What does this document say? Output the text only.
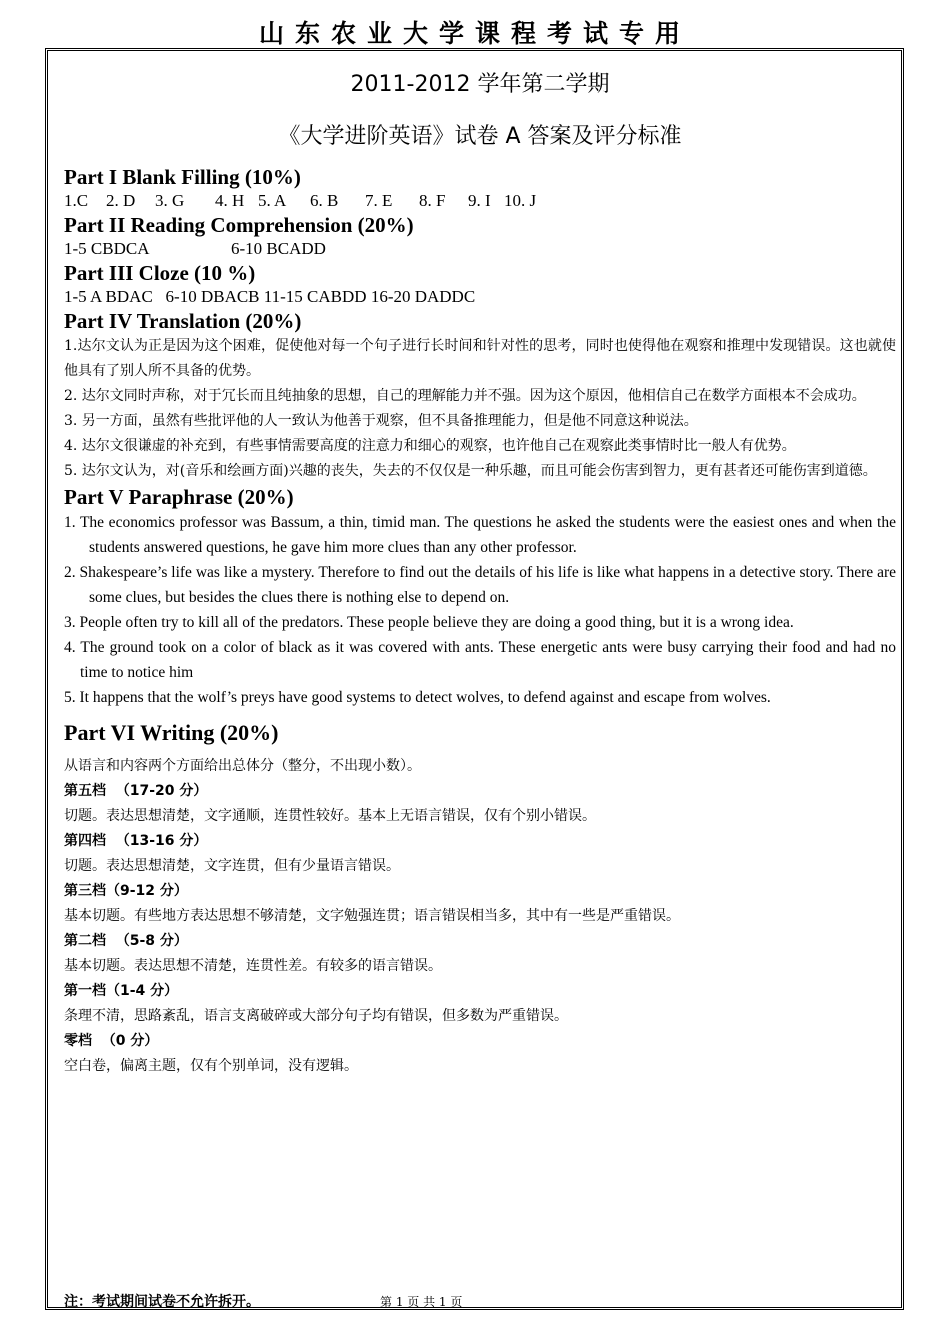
山东农业大学课程考试专用
2011-2012 学年第二学期
《大学进阶英语》试卷 A 答案及评分标准
Part I Blank Filling (10%)
1.C 2. D 3. G 4. H 5. A 6. B 7. E 8. F 9. I 10. J
Part II Reading Comprehension (20%)
1-5 CBDCA	6-10 BCADD
Part III Cloze (10 %)
1-5 A BDAC   6-10 DBACB 11-15 CABDD 16-20 DADDC
Part IV Translation (20%)
1.达尔文认为正是因为这个困难，促使他对每一个句子进行长时间和针对性的思考，同时也使得他在观察和推理中发现错误。这也就使他具有了别人所不具备的优势。
2. 达尔文同时声称，对于冗长而且纯抽象的思想，自己的理解能力并不强。因为这个原因，他相信自己在数学方面根本不会成功。
3. 另一方面，虽然有些批评他的人一致认为他善于观察，但不具备推理能力，但是他不同意这种说法。
4. 达尔文很谦虚的补充到，有些事情需要高度的注意力和细心的观察，也许他自己在观察此类事情时比一般人有优势。
5. 达尔文认为，对(音乐和绘画方面)兴趣的丧失，失去的不仅仅是一种乐趣，而且可能会伤害到智力，更有甚者还可能伤害到道德。
Part V Paraphrase (20%)
1. The economics professor was Bassum, a thin, timid man. The questions he asked the students were the easiest ones and when the students answered questions, he gave him more clues than any other professor.
2. Shakespeare’s life was like a mystery. Therefore to find out the details of his life is like what happens in a detective story. There are some clues, but besides the clues there is nothing else to depend on.
3. People often try to kill all of the predators. These people believe they are doing a good thing, but it is a wrong idea.
4. The ground took on a color of black as it was covered with ants. These energetic ants were busy carrying their food and had no time to notice him
5. It happens that the wolf’s preys have good systems to detect wolves, to defend against and escape from wolves.
Part VI Writing (20%)
从语言和内容两个方面给出总体分（整分，不出现小数）。
第五档  （17-20 分）
切题。表达思想清楚，文字通顺，连贯性较好。基本上无语言错误，仅有个别小错误。
第四档  （13-16 分）
切题。表达思想清楚，文字连贯，但有少量语言错误。
第三档（9-12 分）
基本切题。有些地方表达思想不够清楚，文字勉强连贯；语言错误相当多，其中有一些是严重错误。
第二档  （5-8 分）
基本切题。表达思想不清楚，连贯性差。有较多的语言错误。
第一档（1-4 分）
条理不清，思路紊乱，语言支离破碎或大部分句子均有错误，但多数为严重错误。
零档  （0 分）
空白卷，偏离主题，仅有个别单词，没有逻辑。
注：考试期间试卷不允许拆开。	第 1 页 共 1 页
